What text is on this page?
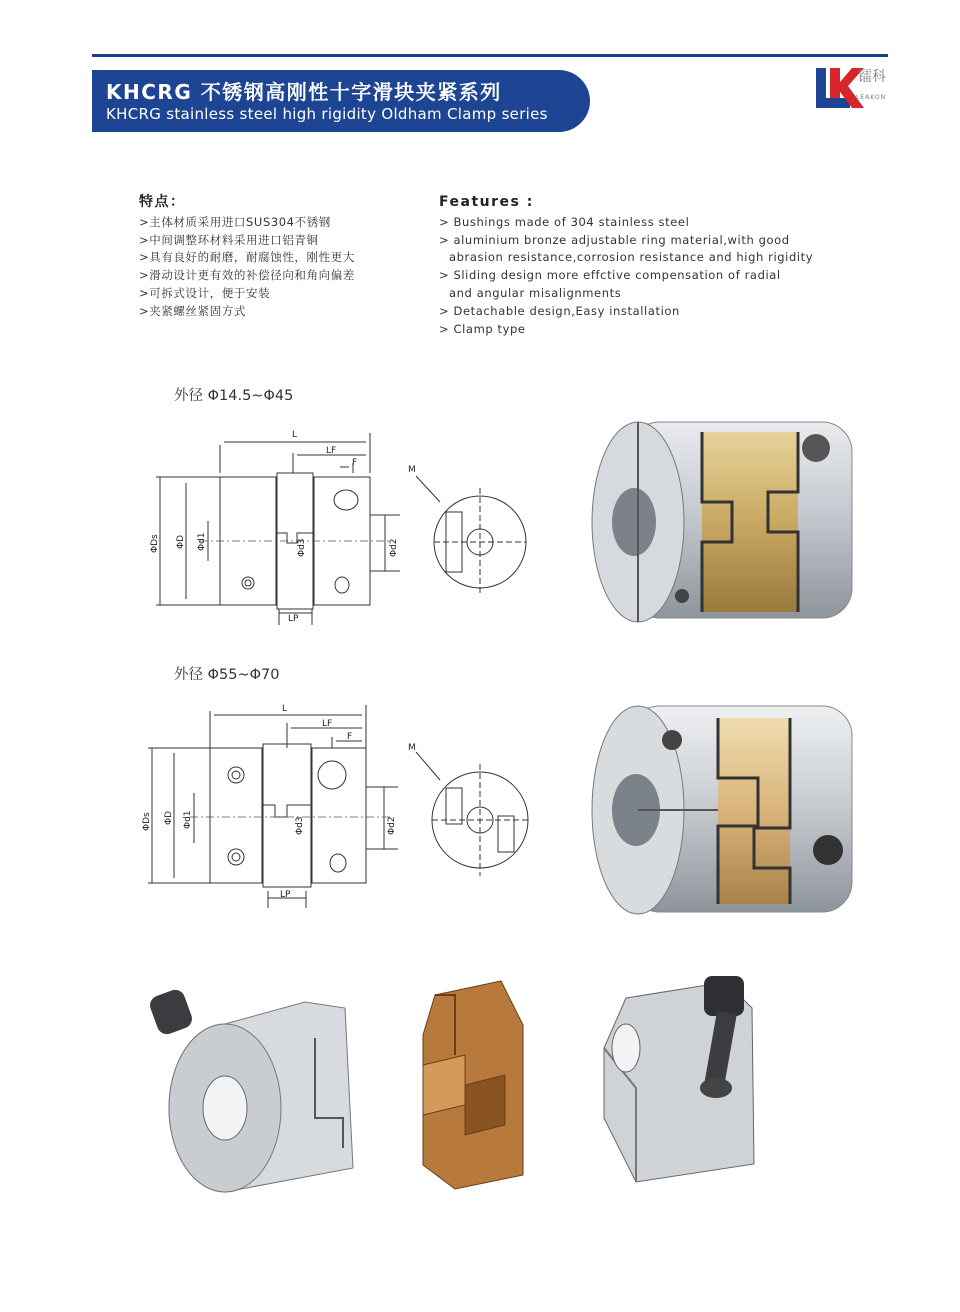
KHCRG 不锈钢高刚性十字滑块夹紧系列
KHCRG stainless steel high rigidity Oldham Clamp series
镭科
LEAKON
特点：
>主体材质采用进口SUS304不锈钢
>中间调整环材料采用进口铝青铜
>具有良好的耐磨，耐腐蚀性，刚性更大
>滑动设计更有效的补偿径向和角向偏差
>可拆式设计，便于安装
>夹紧螺丝紧固方式
Features :
> Bushings made of 304 stainless steel
> aluminium bronze adjustable ring material,with good
abrasion resistance,corrosion resistance and high rigidity
> Sliding design more effctive compensation of radial
and angular misalignments
> Detachable design,Easy installation
> Clamp type
外径 Φ14.5~Φ45
外径 Φ55~Φ70
L
LF
F
LP
ΦDs ΦD Φd1	Φd3	Φd2
M
L
LF
F
LP
ΦDs ΦD Φd1	Φd3	Φd2
M
